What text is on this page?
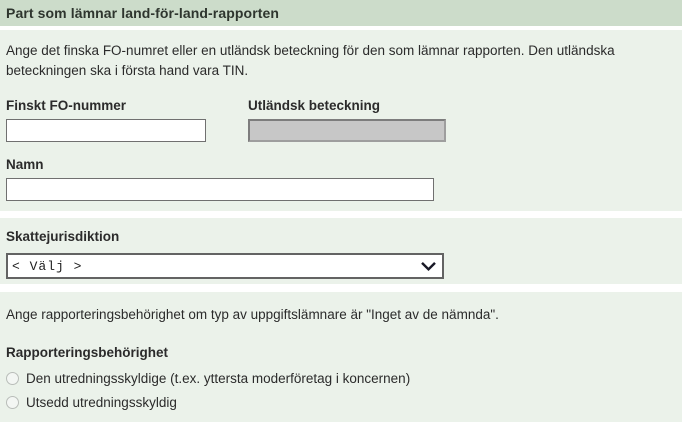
Part som lämnar land-för-land-rapporten

Ange det finska FO-numret eller en utländsk beteckning för den som lämnar rapporten. Den utländska beteckningen ska i första hand vara TIN.

Finskt FO-nummer	Utländsk beteckning
Namn
Skattejurisdiktion
< Välj >

Ange rapporteringsbehörighet om typ av uppgiftslämnare är "Inget av de nämnda".

Rapporteringsbehörighet
Den utredningsskyldige (t.ex. yttersta moderföretag i koncernen)
Utsedd utredningsskyldig
